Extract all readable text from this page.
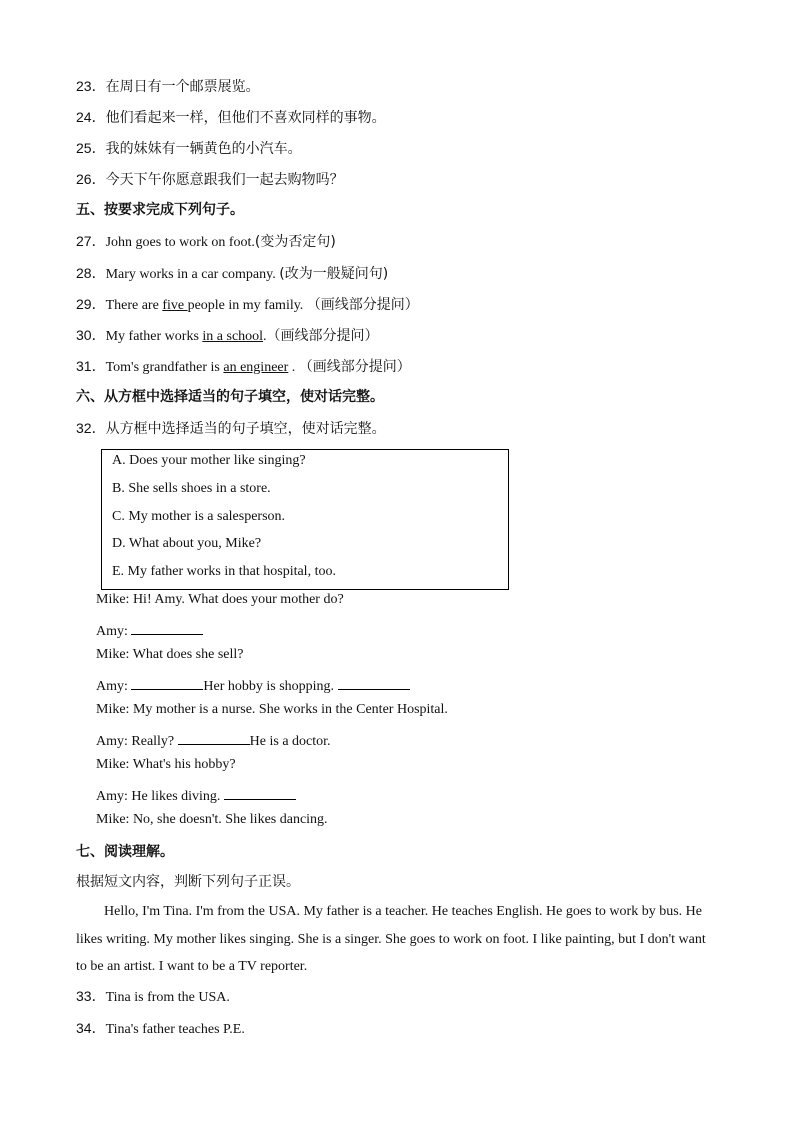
23．在周日有一个邮票展览。
24．他们看起来一样，但他们不喜欢同样的事物。
25．我的妹妹有一辆黄色的小汽车。
26．今天下午你愿意跟我们一起去购物吗？
五、按要求完成下列句子。
27．John goes to work on foot.(变为否定句)
28．Mary works in a car company. (改为一般疑问句)
29．There are five people in my family. （画线部分提问）
30．My father works in a school.（画线部分提问）
31．Tom's grandfather is an engineer . （画线部分提问）
六、从方框中选择适当的句子填空，使对话完整。
32．从方框中选择适当的句子填空，使对话完整。
A. Does your mother like singing?
B. She sells shoes in a store.
C. My mother is a salesperson.
D. What about you, Mike?
E. My father works in that hospital, too.
Mike: Hi! Amy. What does your mother do?
Amy:
Mike: What does she sell?
Amy:	Her hobby is shopping.
Mike: My mother is a nurse. She works in the Center Hospital.
Amy: Really?	He is a doctor.
Mike: What's his hobby?
Amy: He likes diving.
Mike: No, she doesn't. She likes dancing.
七、阅读理解。
根据短文内容，判断下列句子正误。
Hello, I'm Tina. I'm from the USA. My father is a teacher. He teaches English. He goes to work by bus. He likes writing. My mother likes singing. She is a singer. She goes to work on foot. I like painting, but I don't want to be an artist. I want to be a TV reporter.
33．Tina is from the USA.
34．Tina's father teaches P.E.
